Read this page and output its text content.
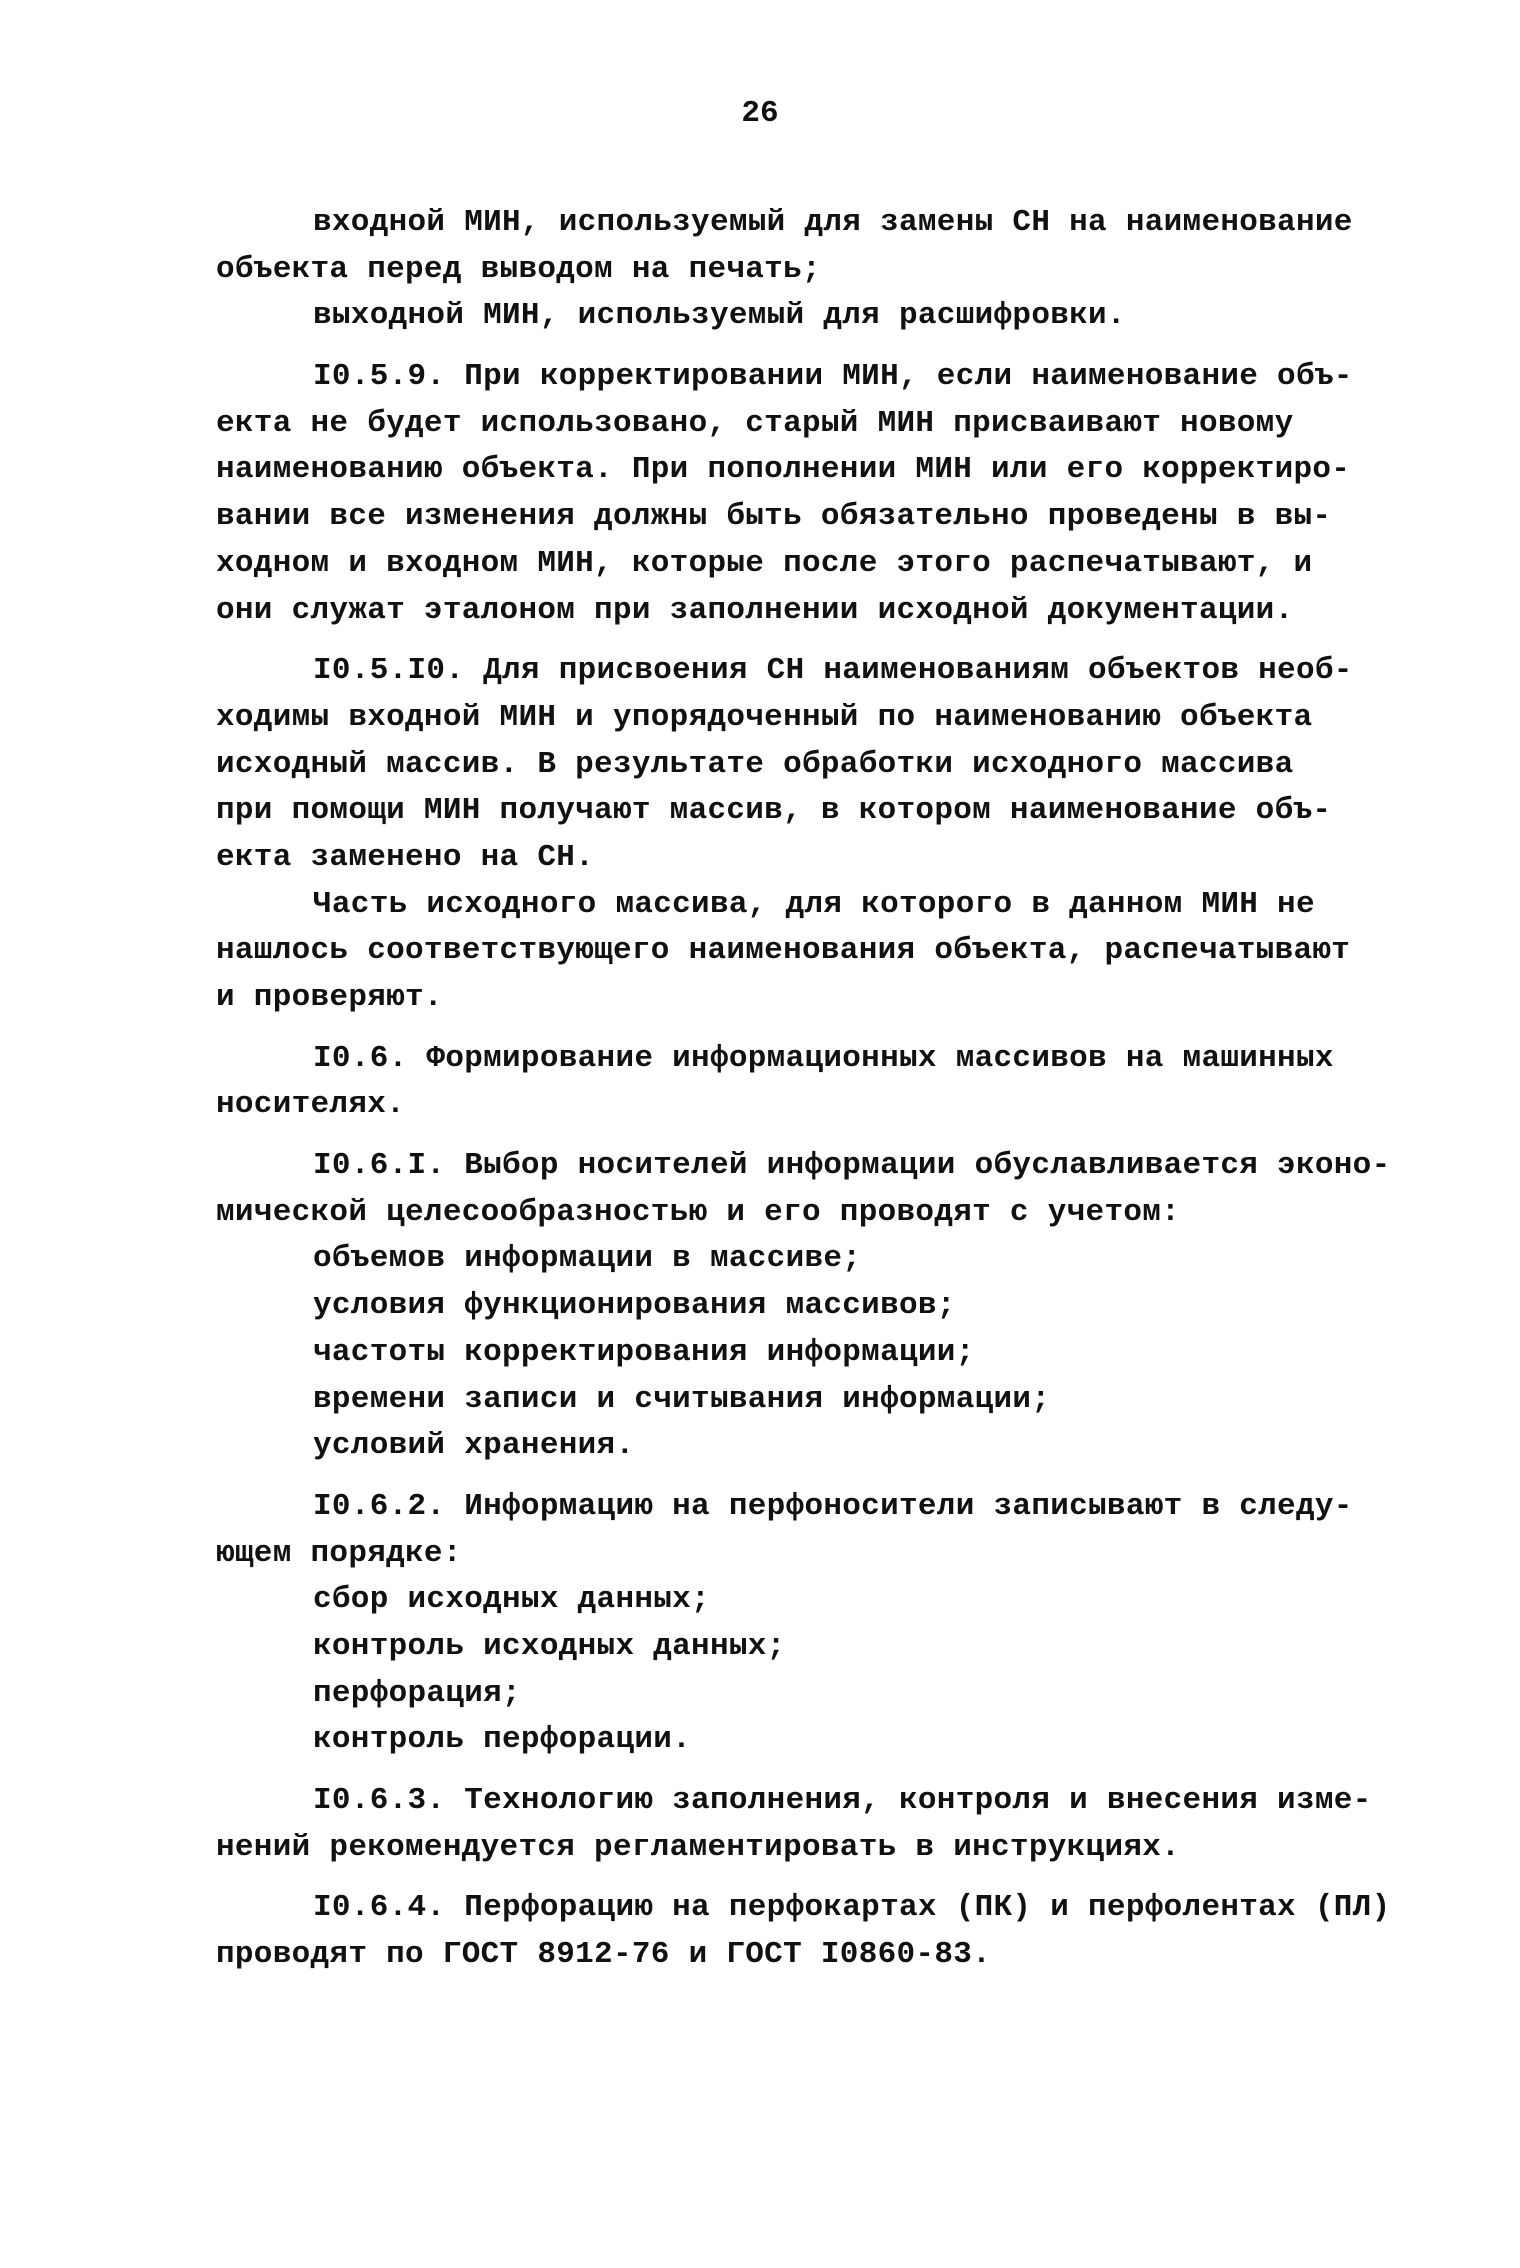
26
входной МИН, используемый для замены СН на наименование
объекта перед выводом на печать;
выходной МИН, используемый для расшифровки.
I0.5.9. При корректировании МИН, если наименование объ-
екта не будет использовано, старый МИН присваивают новому
наименованию объекта. При пополнении МИН или его корректиро-
вании все изменения должны быть обязательно проведены в вы-
ходном и входном МИН, которые после этого распечатывают, и
они служат эталоном при заполнении исходной документации.
I0.5.I0. Для присвоения СН наименованиям объектов необ-
ходимы входной МИН и упорядоченный по наименованию объекта
исходный массив. В результате обработки исходного массива
при помощи МИН получают массив, в котором наименование объ-
екта заменено на СН.
Часть исходного массива, для которого в данном МИН не
нашлось соответствующего наименования объекта, распечатывают
и проверяют.
I0.6. Формирование информационных массивов на машинных
носителях.
I0.6.I. Выбор носителей информации обуславливается эконо-
мической целесообразностью и его проводят с учетом:
объемов информации в массиве;
условия функционирования массивов;
частоты корректирования информации;
времени записи и считывания информации;
условий хранения.
I0.6.2. Информацию на перфоносители записывают в следу-
ющем порядке:
сбор исходных данных;
контроль исходных данных;
перфорация;
контроль перфорации.
I0.6.3. Технологию заполнения, контроля и внесения изме-
нений рекомендуется регламентировать в инструкциях.
I0.6.4. Перфорацию на перфокартах (ПК) и перфолентах (ПЛ)
проводят по ГОСТ 8912-76 и ГОСТ I0860-83.
